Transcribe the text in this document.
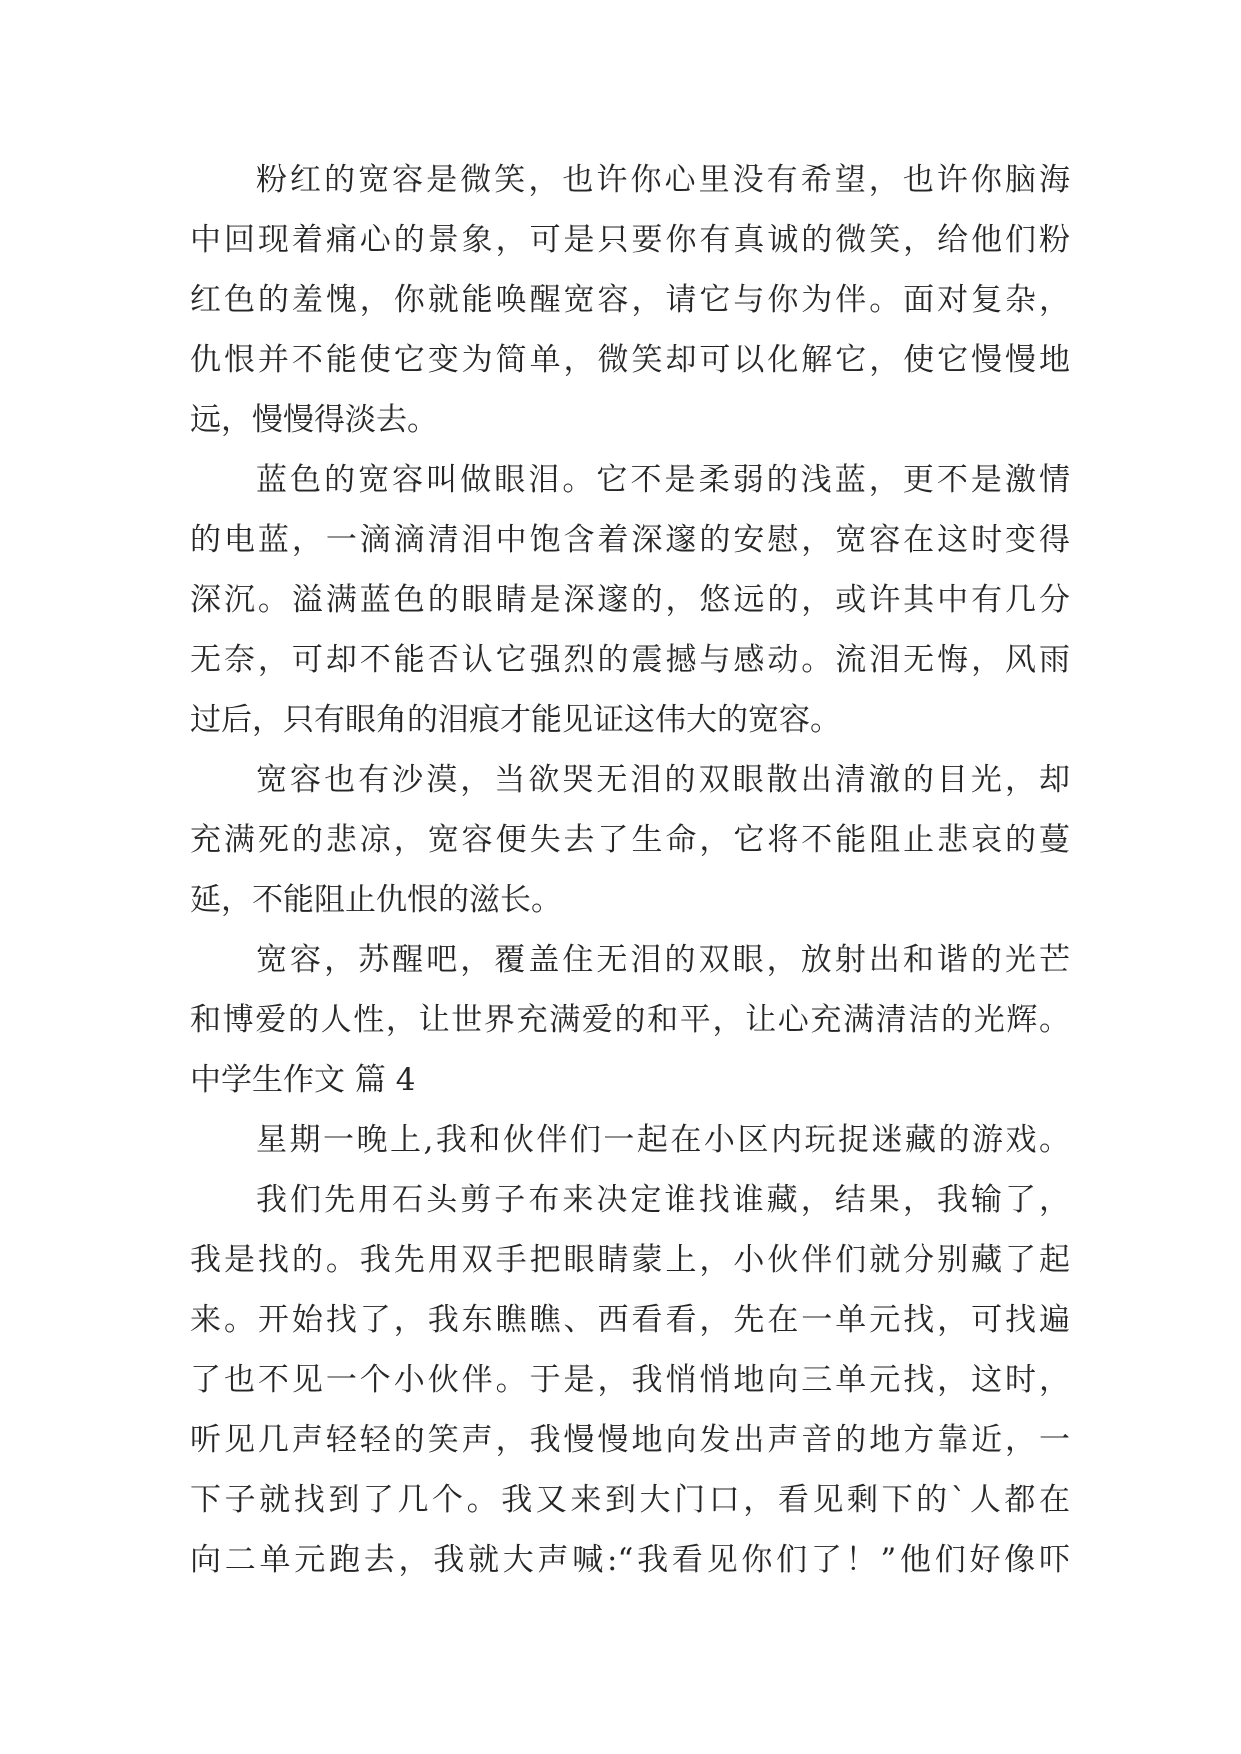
粉红的宽容是微笑，也许你心里没有希望，也许你脑海
中回现着痛心的景象，可是只要你有真诚的微笑，给他们粉
红色的羞愧，你就能唤醒宽容，请它与你为伴。面对复杂，
仇恨并不能使它变为简单，微笑却可以化解它，使它慢慢地
远，慢慢得淡去。
蓝色的宽容叫做眼泪。它不是柔弱的浅蓝，更不是激情
的电蓝，一滴滴清泪中饱含着深邃的安慰，宽容在这时变得
深沉。溢满蓝色的眼睛是深邃的，悠远的，或许其中有几分
无奈，可却不能否认它强烈的震撼与感动。流泪无悔，风雨
过后，只有眼角的泪痕才能见证这伟大的宽容。
宽容也有沙漠，当欲哭无泪的双眼散出清澈的目光，却
充满死的悲凉，宽容便失去了生命，它将不能阻止悲哀的蔓
延，不能阻止仇恨的滋长。
宽容，苏醒吧，覆盖住无泪的双眼，放射出和谐的光芒
和博爱的人性，让世界充满爱的和平，让心充满清洁的光辉。
中学生作文 篇 4
星期一晚上,我和伙伴们一起在小区内玩捉迷藏的游戏。
我们先用石头剪子布来决定谁找谁藏，结果，我输了，
我是找的。我先用双手把眼睛蒙上，小伙伴们就分别藏了起
来。开始找了，我东瞧瞧、西看看，先在一单元找，可找遍
了也不见一个小伙伴。于是，我悄悄地向三单元找，这时，
听见几声轻轻的笑声，我慢慢地向发出声音的地方靠近，一
下子就找到了几个。我又来到大门口，看见剩下的`人都在
向二单元跑去，我就大声喊:“我看见你们了！”他们好像吓
